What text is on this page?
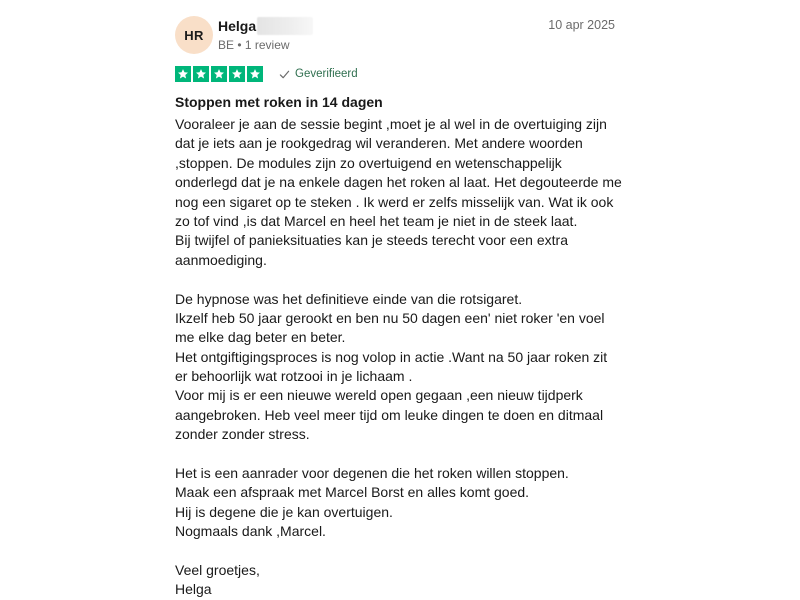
HR
Helga
BE • 1 review
10 apr 2025
Geverifieerd
Stoppen met roken in 14 dagen
Vooraleer je aan de sessie begint ,moet je al wel in de overtuiging zijn
dat je iets aan je rookgedrag wil veranderen. Met andere woorden
,stoppen. De modules zijn zo overtuigend en wetenschappelijk
onderlegd dat je na enkele dagen het roken al laat. Het degouteerde me
nog een sigaret op te steken . Ik werd er zelfs misselijk van. Wat ik ook
zo tof vind ,is dat Marcel en heel het team je niet in de steek laat.
Bij twijfel of panieksituaties kan je steeds terecht voor een extra
aanmoediging.
De hypnose was het definitieve einde van die rotsigaret.
Ikzelf heb 50 jaar gerookt en ben nu 50 dagen een' niet roker 'en voel
me elke dag beter en beter.
Het ontgiftigingsproces is nog volop in actie .Want na 50 jaar roken zit
er behoorlijk wat rotzooi in je lichaam .
Voor mij is er een nieuwe wereld open gegaan ,een nieuw tijdperk
aangebroken. Heb veel meer tijd om leuke dingen te doen en ditmaal
zonder zonder stress.
Het is een aanrader voor degenen die het roken willen stoppen.
Maak een afspraak met Marcel Borst en alles komt goed.
Hij is degene die je kan overtuigen.
Nogmaals dank ,Marcel.
Veel groetjes,
Helga
